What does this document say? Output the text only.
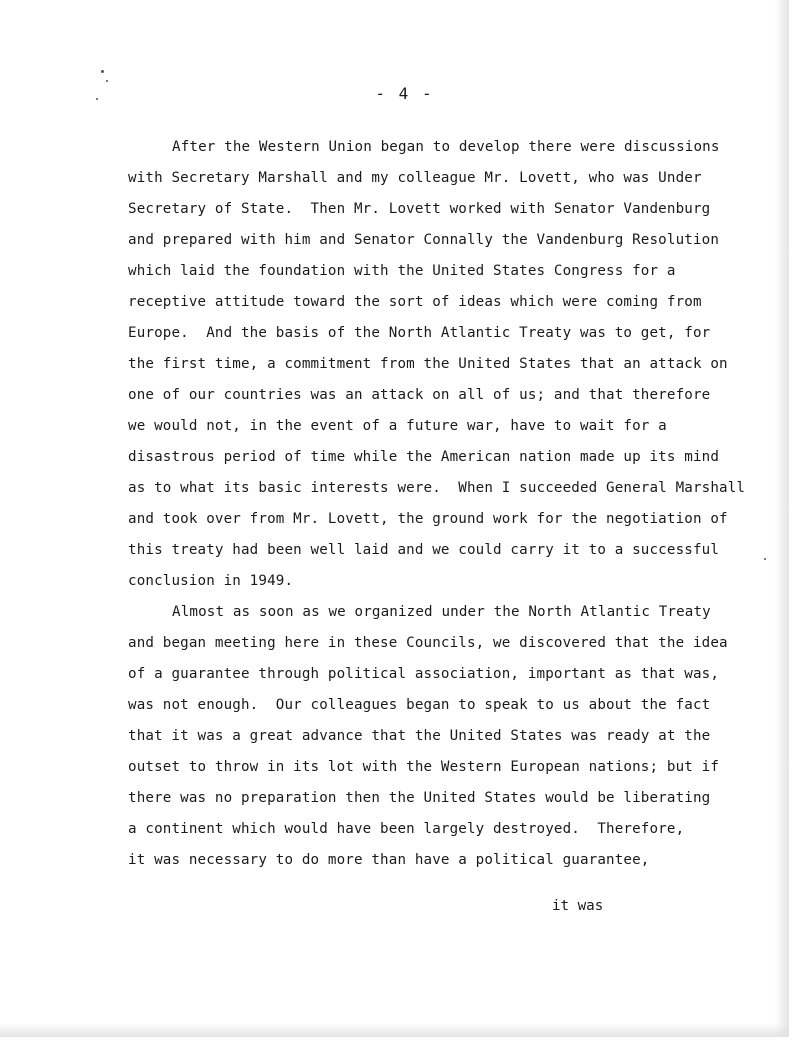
- 4 -
After the Western Union began to develop there were discussions
with Secretary Marshall and my colleague Mr. Lovett, who was Under
Secretary of State.  Then Mr. Lovett worked with Senator Vandenburg
and prepared with him and Senator Connally the Vandenburg Resolution
which laid the foundation with the United States Congress for a
receptive attitude toward the sort of ideas which were coming from
Europe.  And the basis of the North Atlantic Treaty was to get, for
the first time, a commitment from the United States that an attack on
one of our countries was an attack on all of us; and that therefore
we would not, in the event of a future war, have to wait for a
disastrous period of time while the American nation made up its mind
as to what its basic interests were.  When I succeeded General Marshall
and took over from Mr. Lovett, the ground work for the negotiation of
this treaty had been well laid and we could carry it to a successful
conclusion in 1949.
Almost as soon as we organized under the North Atlantic Treaty
and began meeting here in these Councils, we discovered that the idea
of a guarantee through political association, important as that was,
was not enough.  Our colleagues began to speak to us about the fact
that it was a great advance that the United States was ready at the
outset to throw in its lot with the Western European nations; but if
there was no preparation then the United States would be liberating
a continent which would have been largely destroyed.  Therefore,
it was necessary to do more than have a political guarantee,
it was
